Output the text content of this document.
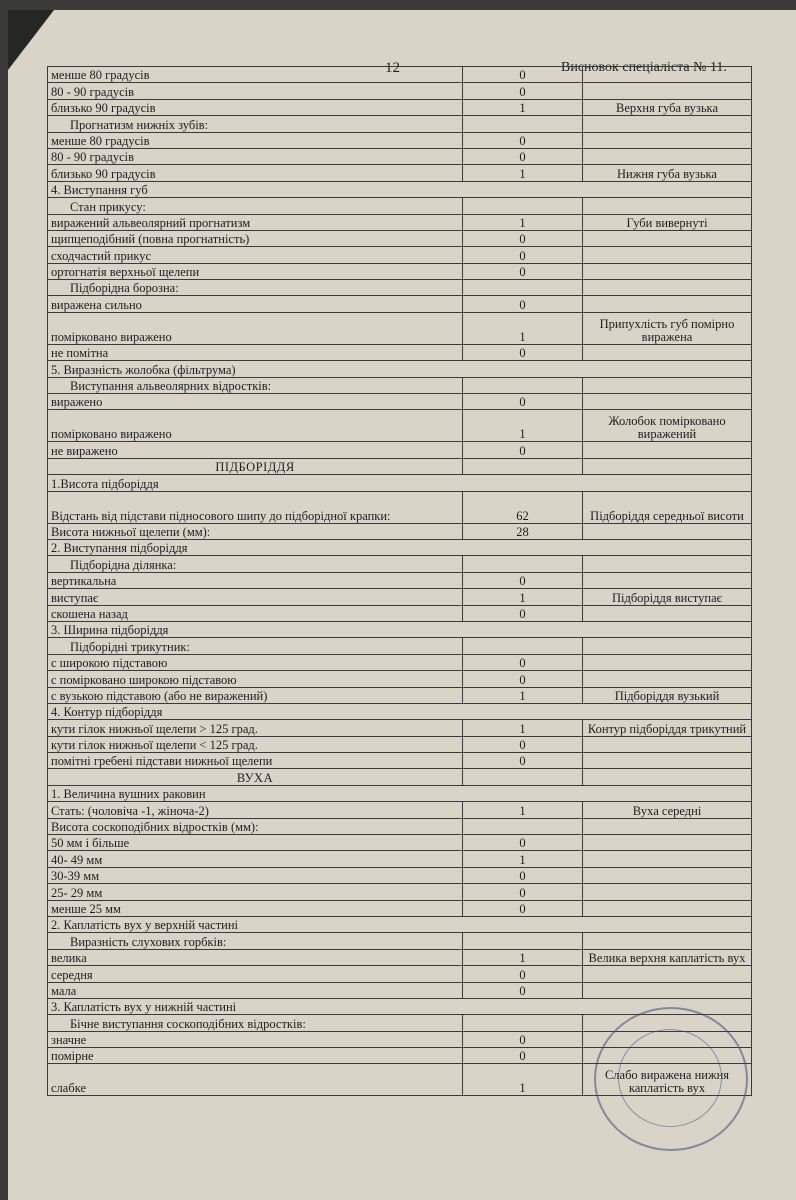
12	Висновок спеціаліста № 11.
менше 80 градусів	0	
80 - 90 градусів	0	
близько 90 градусів	1	Верхня губа вузька
Прогнатизм нижніх зубів:		
менше 80 градусів	0	
80 - 90 градусів	0	
близько 90 градусів	1	Нижня губа вузька
4. Виступання губ		
Стан прикусу:		
виражений альвеолярний прогнатизм	1	Губи вивернуті
щипцеподібний (повна прогнатність)	0	
сходчастий прикус	0	
ортогнатія верхньої щелепи	0	
Підборідна борозна:		
виражена сильно	0	
помірковано виражено	1	Припухлість губ помірно виражена
не помітна	0	
5. Виразність жолобка (фільтрума)		
Виступання альвеолярних відростків:		
виражено	0	
помірковано виражено	1	Жолобок помірковано виражений
не виражено	0	
ПІДБОРІДДЯ		
1.Висота підборіддя		
Відстань від підстави підносового шипу до підборідної крапки:	62	Підборіддя середньої висоти
Висота нижньої щелепи (мм):	28	
2. Виступання підборіддя		
Підборідна ділянка:		
вертикальна	0	
виступає	1	Підборіддя виступає
скошена назад	0	
3. Ширина підборіддя		
Підборідні трикутник:		
с широкою підставою	0	
с помірковано широкою підставою	0	
с вузькою підставою (або не виражений)	1	Підборіддя вузький
4. Контур підборіддя		
кути гілок нижньої щелепи > 125 град.	1	Контур підборіддя трикутний
кути гілок нижньої щелепи < 125 град.	0	
помітні гребені підстави нижньої щелепи	0	
ВУХА		
1. Величина вушних раковин		
Стать: (чоловіча -1, жіноча-2)	1	Вуха середні
Висота соскоподібних відростків (мм):		
50 мм і більше	0	
40- 49 мм	1	
30-39 мм	0	
25- 29 мм	0	
менше 25 мм	0	
2. Каплатість вух у верхній частині		
Виразність слухових горбків:		
велика	1	Велика верхня каплатість вух
середня	0	
мала	0	
3. Каплатість вух у нижній частині		
Бічне виступання соскоподібних відростків:		
значне	0	
помірне	0	
слабке	1	Слабо виражена нижня каплатість вух
